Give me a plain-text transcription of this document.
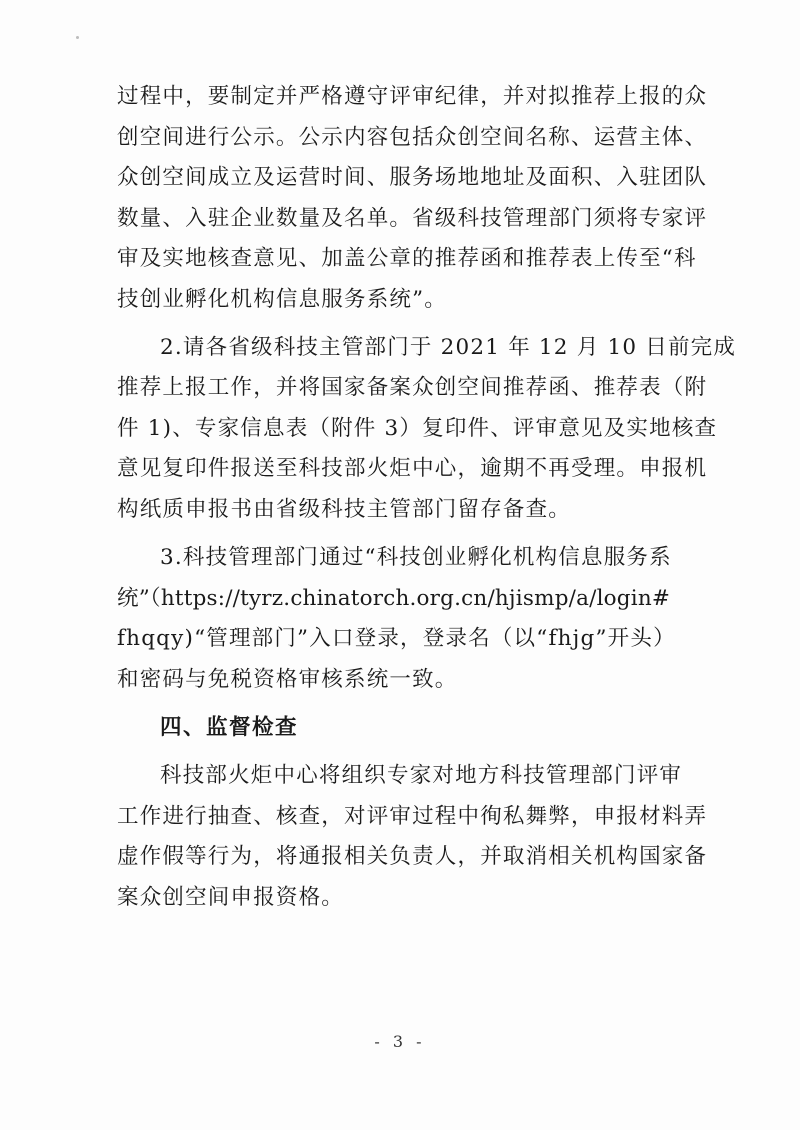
过程中，要制定并严格遵守评审纪律，并对拟推荐上报的众
创空间进行公示。公示内容包括众创空间名称、运营主体、
众创空间成立及运营时间、服务场地地址及面积、入驻团队
数量、入驻企业数量及名单。省级科技管理部门须将专家评
审及实地核查意见、加盖公章的推荐函和推荐表上传至“科
技创业孵化机构信息服务系统”。
2.请各省级科技主管部门于 2021 年 12 月 10 日前完成
推荐上报工作，并将国家备案众创空间推荐函、推荐表（附
件 1)、专家信息表（附件 3）复印件、评审意见及实地核查
意见复印件报送至科技部火炬中心，逾期不再受理。申报机
构纸质申报书由省级科技主管部门留存备查。
3.科技管理部门通过“科技创业孵化机构信息服务系
统”（https://tyrz.chinatorch.org.cn/hjismp/a/login#
fhqqy)“管理部门”入口登录，登录名（以“fhjg”开头）
和密码与免税资格审核系统一致。
四、监督检查
科技部火炬中心将组织专家对地方科技管理部门评审
工作进行抽查、核查，对评审过程中徇私舞弊，申报材料弄
虚作假等行为，将通报相关负责人，并取消相关机构国家备
案众创空间申报资格。
- 3 -
